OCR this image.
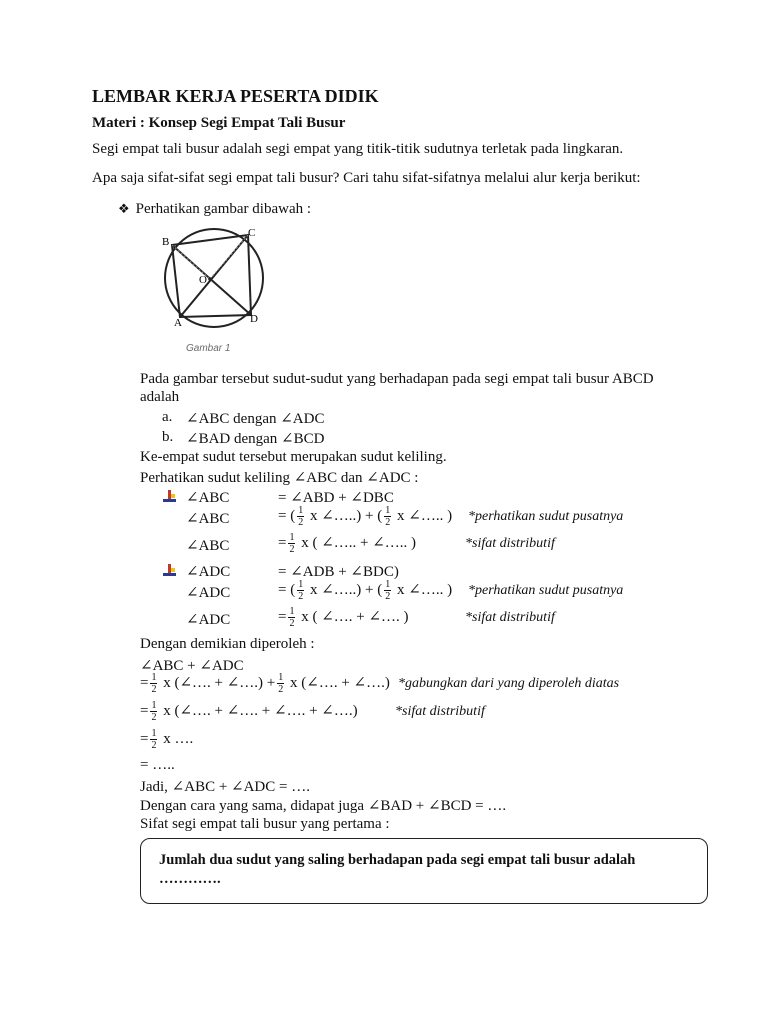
LEMBAR KERJA PESERTA DIDIK
Materi : Konsep Segi Empat Tali Busur
Segi empat tali busur adalah segi empat yang titik-titik sudutnya terletak pada lingkaran.
Apa saja sifat-sifat segi empat tali busur? Cari tahu sifat-sifatnya melalui alur kerja berikut:
❖ Perhatikan gambar dibawah :
B
C
O
A	D
Gambar 1
Pada gambar tersebut sudut-sudut yang berhadapan pada segi empat tali busur ABCD
adalah
a. ∠ABC dengan ∠ADC
b. ∠BAD dengan ∠BCD
Ke-empat sudut tersebut merupakan sudut keliling.
Perhatikan sudut keliling ∠ABC dan ∠ADC :
∠ABC	= ∠ABD + ∠DBC
∠ABC	= ( $\frac{1}{2}$ x ∠…..) + ( $\frac{1}{2}$ x ∠….. ) *perhatikan sudut pusatnya
∠ABC	= $\frac{1}{2}$ x ( ∠….. + ∠….. )	*sifat distributif
∠ADC	= ∠ADB + ∠BDC)
∠ADC	= ( $\frac{1}{2}$ x ∠…..) + ( $\frac{1}{2}$ x ∠….. ) *perhatikan sudut pusatnya
∠ADC	= $\frac{1}{2}$ x ( ∠…. + ∠…. )	*sifat distributif
Dengan demikian diperoleh :
∠ABC + ∠ADC
= $\frac{1}{2}$ x (∠…. + ∠….) + $\frac{1}{2}$ x (∠…. + ∠….) *gabungkan dari yang diperoleh diatas
= $\frac{1}{2}$ x (∠…. + ∠…. + ∠…. + ∠….)	*sifat distributif
= $\frac{1}{2}$ x ….
= …..
Jadi, ∠ABC + ∠ADC = ….
Dengan cara yang sama, didapat juga ∠BAD + ∠BCD = ….
Sifat segi empat tali busur yang pertama :
Jumlah dua sudut yang saling berhadapan pada segi empat tali busur adalah ………….
